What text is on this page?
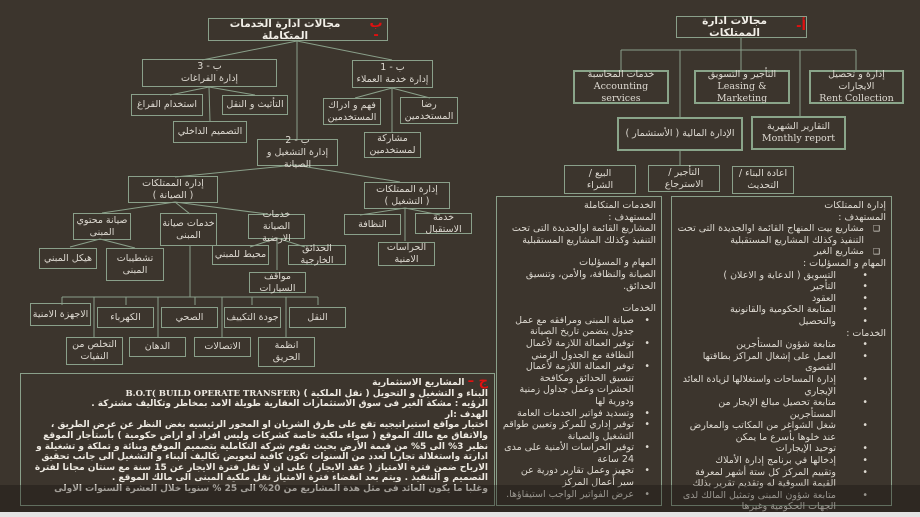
أ-
مجالات ادارة الممتلكات
إدارة و تحصيل الايجارات
Rent Collection
التأجير و التسويق
Leasing & Marketing
خدمات المحاسبة
Accounting services
التقارير الشهرية
Monthly report
الإدارة المالية ( الأستشمار )
اعادة البناء /
التحديث
التأجير /
الاسترجاع
البيع /
الشراء
ب -
مجالات ادارة الخدمات المتكاملة
ب - 1
إدارة خدمة العملاء
ب - 3
إدارة الفراغات
رضا
المستخدمين
فهم و ادراك
المستخدمين
مشاركة
لمستخدمين
التأثيث و النقل
استخدام الفراغ
التصميم الداخلي
ب - 2
إدارة التشغيل و الصيانة
إدارة الممتلكات
( التشغيل )
إدارة الممتلكات
( الصيانة )
خدمة
الاستقبال
النظافة
الحراسات
الامنية
خدمات الصيانة
الارضية
خدمات صيانة
المبنى
صيانة محتوي
المبنى
الحدائق الخارجية
محيط للمبني
مواقف
السيارات
هيكل المبني	تشطيبات
المبنى
النقل
جودة التكييف
الصحي
الكهرباء
الاجهزة الامنية
انظمة
الحريق
الاتصالات
الدهان
التخلص من
النفيات
ج – المشاريع الاستثمارية
البناء و التشغيل و التحويل ( نقل الملكية ) B.O.T( BUILD OPERATE TRANSFER)
الرؤيه : مشكة الغير فى سوق الاستثمارات العقارية طويلة الامد بمخاطر وتكاليف مشتركة .
الهدف :ار
اختيار مواقع استيراتيجيه تقع على طرق الشريان او المحور الرئيسيه بغض النظر عن عرض الطريق ، والاتفاق مع مالك الموقع ( سواء ملكية خاصة كشركات وليس افراد او اراض حكومية ) بأستأجار الموقع نظير 3% الى 5% من قيمة الأرض بحيث تقوم شركة التكاملية بتصميم الموقع وبنائة و تملكة و تشغيلة و ادارتة واستغلالة تجاريا لعدد من السنوات تكون كافية لتعويض تكاليف البناء و التشغيل الى جانب تحقيق الارباح ضمن فترة الامتياز ( عقد الايجار ) على ان لا تقل فترة الايجار عن 15 سنة مع سنتان مجانا لفترة التصميم و التنفيذ . ويتم بعد انقضاء فترة الامتياز نقل ملكية المبنى الى مالك الموقع .
وغلبا ما يكون العائد فى مثل هذة المشاريع من 20% الى 25 % سنويا خلال العشرة السنوات الاولى
الخدمات المتكاملة
المستهدف :
المشاريع القائمة اوالجديدة التى تحت التنفيذ وكذلك المشاريع المستقبلية
المهام و المسؤليات
الصيانة والنظافة، والأمن، وتنسيق الحدائق.
الخدمات
• صيانة المبنى ومرافقه مع عمل جدول يتضمن تاريخ الصيانة
• توفير العمالة اللازمة لأعمال النظافة مع الجدول الزمني
• توفير العمالة اللازمة لأعمال تنسيق الحدائق ومكافحة الحشرات وعمل جداول زمنية ودورية لها
• وتسديد فواتير الخدمات العامة
• توفير إداري للمركز وتعيين طواقم التشغيل والصيانة
• توفير الحراسات الأمنية على مدى 24 ساعة
• تجهيز وعمل تقارير دورية عن سير أعمال المركز
• عرض الفواتير الواجب استيفاؤها.
إدارة الممتلكات
المستهدف :
❑ مشاريع بيت المنهاج القائمة اوالجديدة التى تحت التنفيذ وكذلك المشاريع المستقبلية
❑ مشاريع الغير
المهام و المسؤليات :
• التسويق ( الدعاية و الاعلان )
• التأجير
• العقود
• المتابعة الحكومية والقانونية
• والتحصيل
الخدمات :
• متابعة شؤون المستأجرين
• العمل على إشغال المراكز بطاقتها القصوى
• إدارة المساحات واستغلالها لزيادة العائد الإيجاري
• متابعة تحصيل مبالغ الإيجار من المستأجرين
• شغل الشواغر من المكاتب والمعارض عند خلوها بأسرع ما يمكن
• توحيد الإيجارات
• إدخالها في برنامج إدارة الأملاك
• وتقييم المركز كل ستة أشهر لمعرفة القيمة السوقية له وتقديم تقرير بذلك
• متابعة شؤون المبنى وتمثيل المالك لدى الجهات الحكومية وغيرها
